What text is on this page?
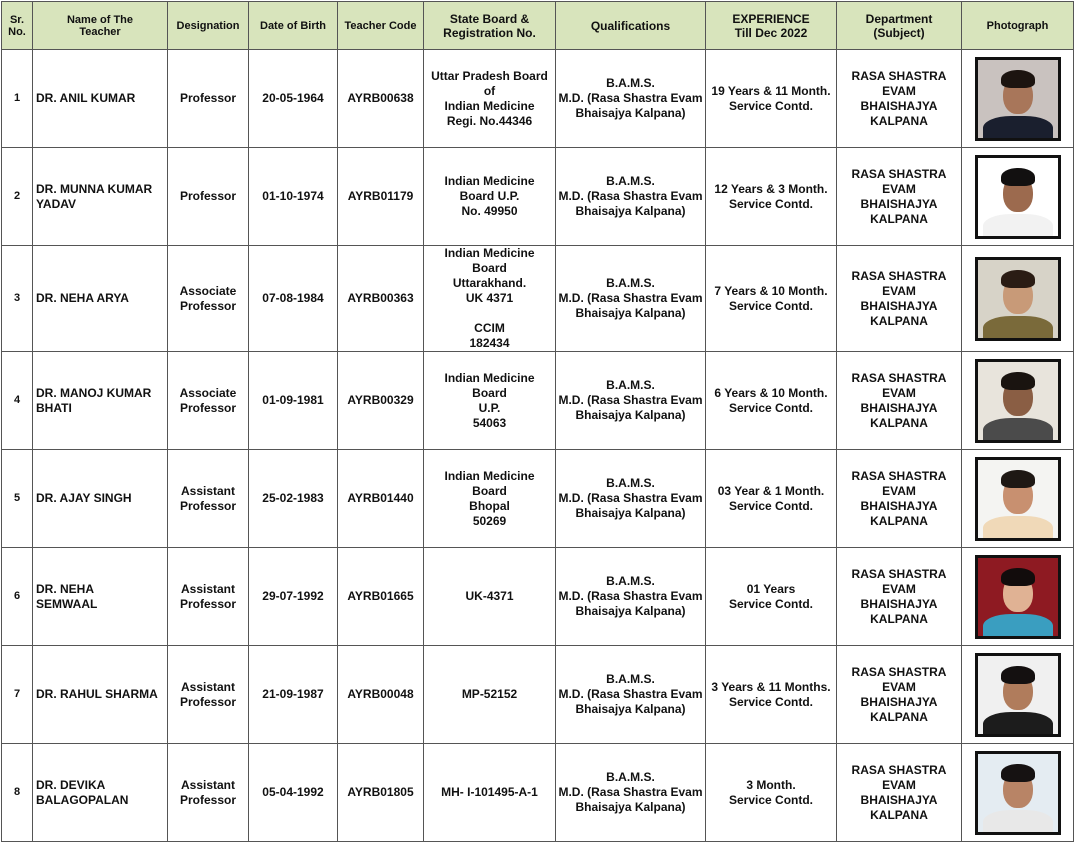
Sr.
No.	Name of The
Teacher	Designation	Date of Birth	Teacher Code	State Board &
Registration No.	Qualifications	EXPERIENCE
Till Dec 2022	Department
(Subject)	Photograph
1	DR. ANIL KUMAR	Professor	20-05-1964	AYRB00638	Uttar Pradesh Board of
Indian Medicine
Regi. No.44346	B.A.M.S.
M.D. (Rasa Shastra Evam
Bhaisajya Kalpana)	19 Years & 11 Month.
Service Contd.	RASA SHASTRA
EVAM
BHAISHAJYA
KALPANA	

2	DR. MUNNA KUMAR
YADAV	Professor	01-10-1974	AYRB01179	Indian Medicine
Board U.P.
No. 49950	B.A.M.S.
M.D. (Rasa Shastra Evam
Bhaisajya Kalpana)	12 Years & 3 Month.
Service Contd.	RASA SHASTRA
EVAM
BHAISHAJYA
KALPANA	

3	DR. NEHA ARYA	Associate
Professor	07-08-1984	AYRB00363	Indian Medicine Board
Uttarakhand.
UK 4371

CCIM
182434	B.A.M.S.
M.D. (Rasa Shastra Evam
Bhaisajya Kalpana)	7 Years & 10 Month.
Service Contd.	RASA SHASTRA
EVAM
BHAISHAJYA
KALPANA	

4	DR. MANOJ KUMAR
BHATI	Associate
Professor	01-09-1981	AYRB00329	Indian Medicine Board
U.P.
54063	B.A.M.S.
M.D. (Rasa Shastra Evam
Bhaisajya Kalpana)	6 Years & 10 Month.
Service Contd.	RASA SHASTRA
EVAM
BHAISHAJYA
KALPANA	

5	DR. AJAY SINGH	Assistant
Professor	25-02-1983	AYRB01440	Indian Medicine Board
Bhopal
50269	B.A.M.S.
M.D. (Rasa Shastra Evam
Bhaisajya Kalpana)	03 Year & 1 Month.
Service Contd.	RASA SHASTRA
EVAM
BHAISHAJYA
KALPANA	

6	DR. NEHA
SEMWAAL	Assistant
Professor	29-07-1992	AYRB01665	UK-4371	B.A.M.S.
M.D. (Rasa Shastra Evam
Bhaisajya Kalpana)	01 Years
Service Contd.	RASA SHASTRA
EVAM
BHAISHAJYA
KALPANA	

7	DR. RAHUL SHARMA	Assistant
Professor	21-09-1987	AYRB00048	MP-52152	B.A.M.S.
M.D. (Rasa Shastra Evam
Bhaisajya Kalpana)	3 Years & 11 Months.
Service Contd.	RASA SHASTRA
EVAM
BHAISHAJYA
KALPANA	

8	DR. DEVIKA
BALAGOPALAN	Assistant
Professor	05-04-1992	AYRB01805	MH- I-101495-A-1	B.A.M.S.
M.D. (Rasa Shastra Evam
Bhaisajya Kalpana)	3 Month.
Service Contd.	RASA SHASTRA
EVAM
BHAISHAJYA
KALPANA	
